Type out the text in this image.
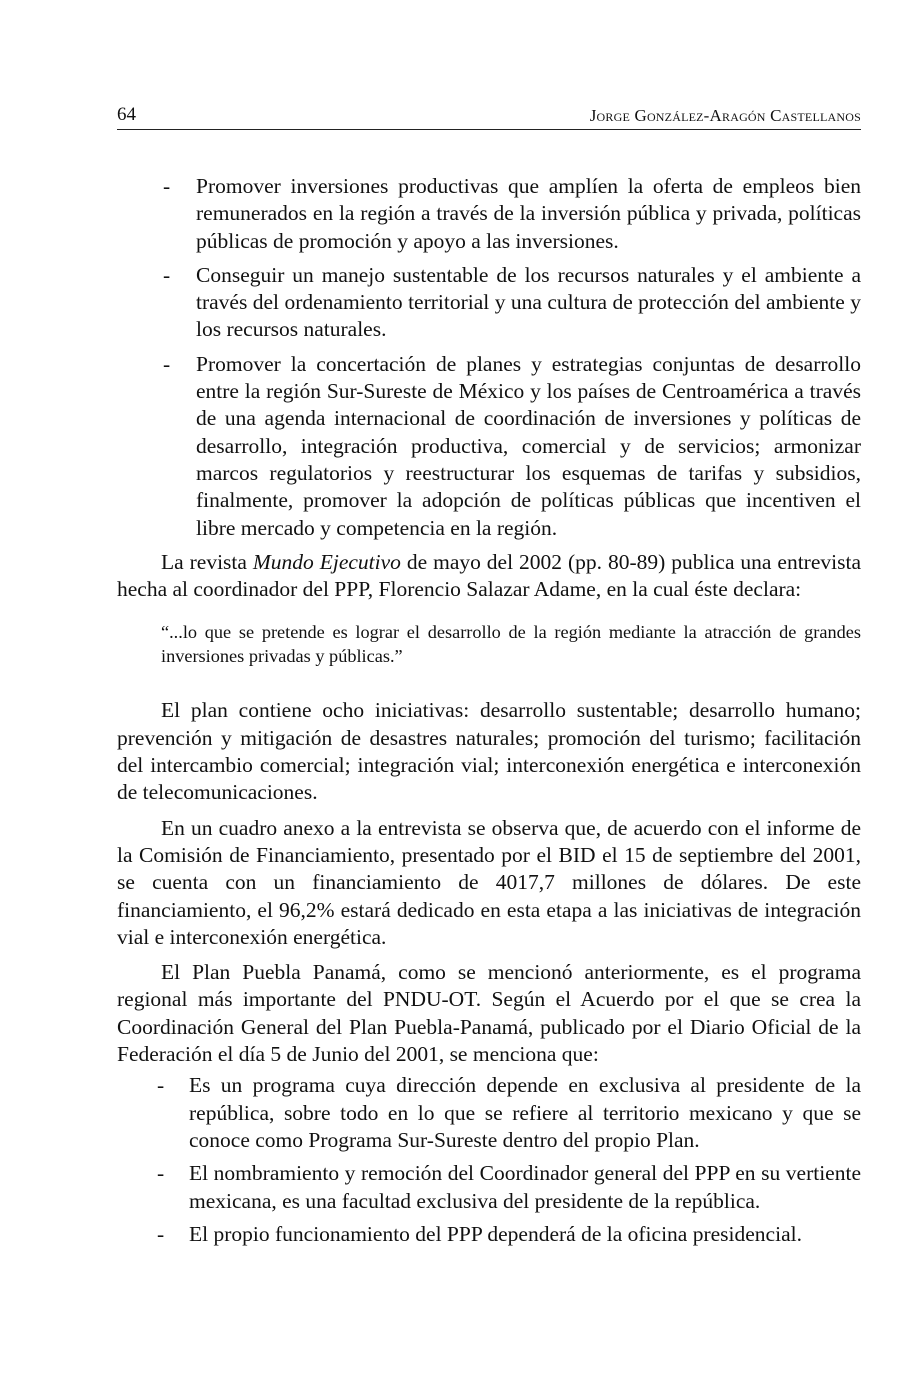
64	Jorge González-Aragón Castellanos

- Promover inversiones productivas que amplíen la oferta de empleos bien remunerados en la región a través de la inversión pública y privada, políticas públicas de promoción y apoyo a las inversiones.

- Conseguir un manejo sustentable de los recursos naturales y el ambiente a través del ordenamiento territorial y una cultura de protección del ambiente y los recursos naturales.

- Promover la concertación de planes y estrategias conjuntas de desarrollo entre la región Sur-Sureste de México y los países de Centroamérica a través de una agenda internacional de coordinación de inversiones y políticas de desarrollo, integración productiva, comercial y de servicios; armonizar marcos regulatorios y reestructurar los esquemas de tarifas y subsidios, finalmente, promover la adopción de políticas públicas que incentiven el libre mercado y competencia en la región.

La revista Mundo Ejecutivo de mayo del 2002 (pp. 80-89) publica una entrevista hecha al coordinador del PPP, Florencio Salazar Adame, en la cual éste declara:

“...lo que se pretende es lograr el desarrollo de la región mediante la atracción de grandes inversiones privadas y públicas.”

El plan contiene ocho iniciativas: desarrollo sustentable; desarrollo humano; prevención y mitigación de desastres naturales; promoción del turismo; facilitación del intercambio comercial; integración vial; interconexión energética e interconexión de telecomunicaciones.

En un cuadro anexo a la entrevista se observa que, de acuerdo con el informe de la Comisión de Financiamiento, presentado por el BID el 15 de septiembre del 2001, se cuenta con un financiamiento de 4017,7 millones de dólares. De este financiamiento, el 96,2% estará dedicado en esta etapa a las iniciativas de integración vial e interconexión energética.

El Plan Puebla Panamá, como se mencionó anteriormente, es el programa regional más importante del PNDU-OT. Según el Acuerdo por el que se crea la Coordinación General del Plan Puebla-Panamá, publicado por el Diario Oficial de la Federación el día 5 de Junio del 2001, se menciona que:

- Es un programa cuya dirección depende en exclusiva al presidente de la república, sobre todo en lo que se refiere al territorio mexicano y que se conoce como Programa Sur-Sureste dentro del propio Plan.

- El nombramiento y remoción del Coordinador general del PPP en su vertiente mexicana, es una facultad exclusiva del presidente de la república.

- El propio funcionamiento del PPP dependerá de la oficina presidencial.
